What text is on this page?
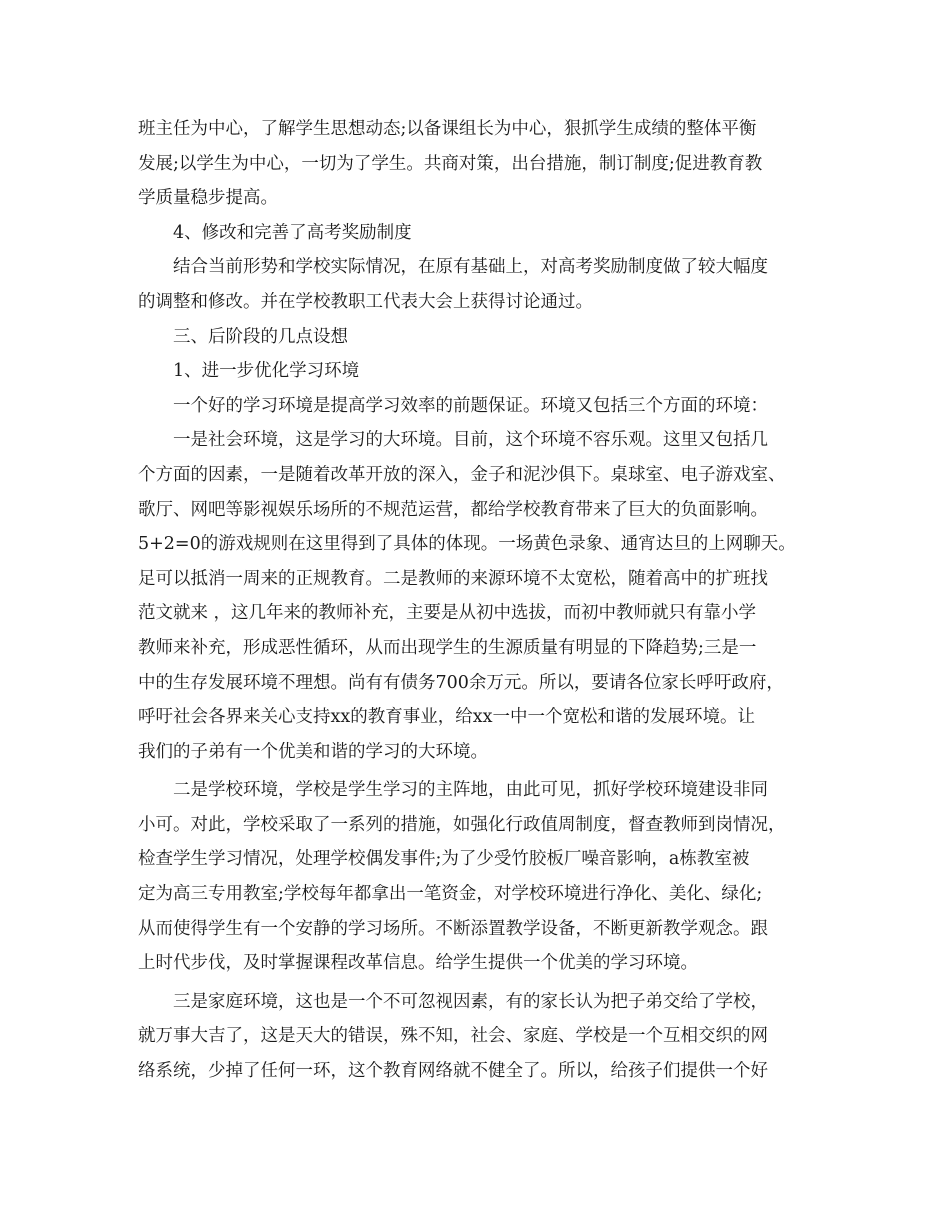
班主任为中心，了解学生思想动态;以备课组长为中心，狠抓学生成绩的整体平衡
发展;以学生为中心，一切为了学生。共商对策，出台措施，制订制度;促进教育教
学质量稳步提高。
　　4、修改和完善了高考奖励制度
　　结合当前形势和学校实际情况，在原有基础上，对高考奖励制度做了较大幅度
的调整和修改。并在学校教职工代表大会上获得讨论通过。
　　三、后阶段的几点设想
　　1、进一步优化学习环境
　　一个好的学习环境是提高学习效率的前题保证。环境又包括三个方面的环境：
　　一是社会环境，这是学习的大环境。目前，这个环境不容乐观。这里又包括几
个方面的因素，一是随着改革开放的深入，金子和泥沙俱下。桌球室、电子游戏室、
歌厅、网吧等影视娱乐场所的不规范运营，都给学校教育带来了巨大的负面影响。
5+2=0的游戏规则在这里得到了具体的体现。一场黄色录象、通宵达旦的上网聊天。
足可以抵消一周来的正规教育。二是教师的来源环境不太宽松，随着高中的扩班找
范文就来 ，这几年来的教师补充，主要是从初中选拔，而初中教师就只有靠小学
教师来补充，形成恶性循环，从而出现学生的生源质量有明显的下降趋势;三是一
中的生存发展环境不理想。尚有有债务700余万元。所以，要请各位家长呼吁政府，
呼吁社会各界来关心支持xx的教育事业，给xx一中一个宽松和谐的发展环境。让
我们的子弟有一个优美和谐的学习的大环境。
　　二是学校环境，学校是学生学习的主阵地，由此可见，抓好学校环境建设非同
小可。对此，学校采取了一系列的措施，如强化行政值周制度，督查教师到岗情况，
检查学生学习情况，处理学校偶发事件;为了少受竹胶板厂噪音影响，a栋教室被
定为高三专用教室;学校每年都拿出一笔资金，对学校环境进行净化、美化、绿化;
从而使得学生有一个安静的学习场所。不断添置教学设备，不断更新教学观念。跟
上时代步伐，及时掌握课程改革信息。给学生提供一个优美的学习环境。
　　三是家庭环境，这也是一个不可忽视因素，有的家长认为把子弟交给了学校，
就万事大吉了，这是天大的错误，殊不知，社会、家庭、学校是一个互相交织的网
络系统，少掉了任何一环，这个教育网络就不健全了。所以，给孩子们提供一个好
